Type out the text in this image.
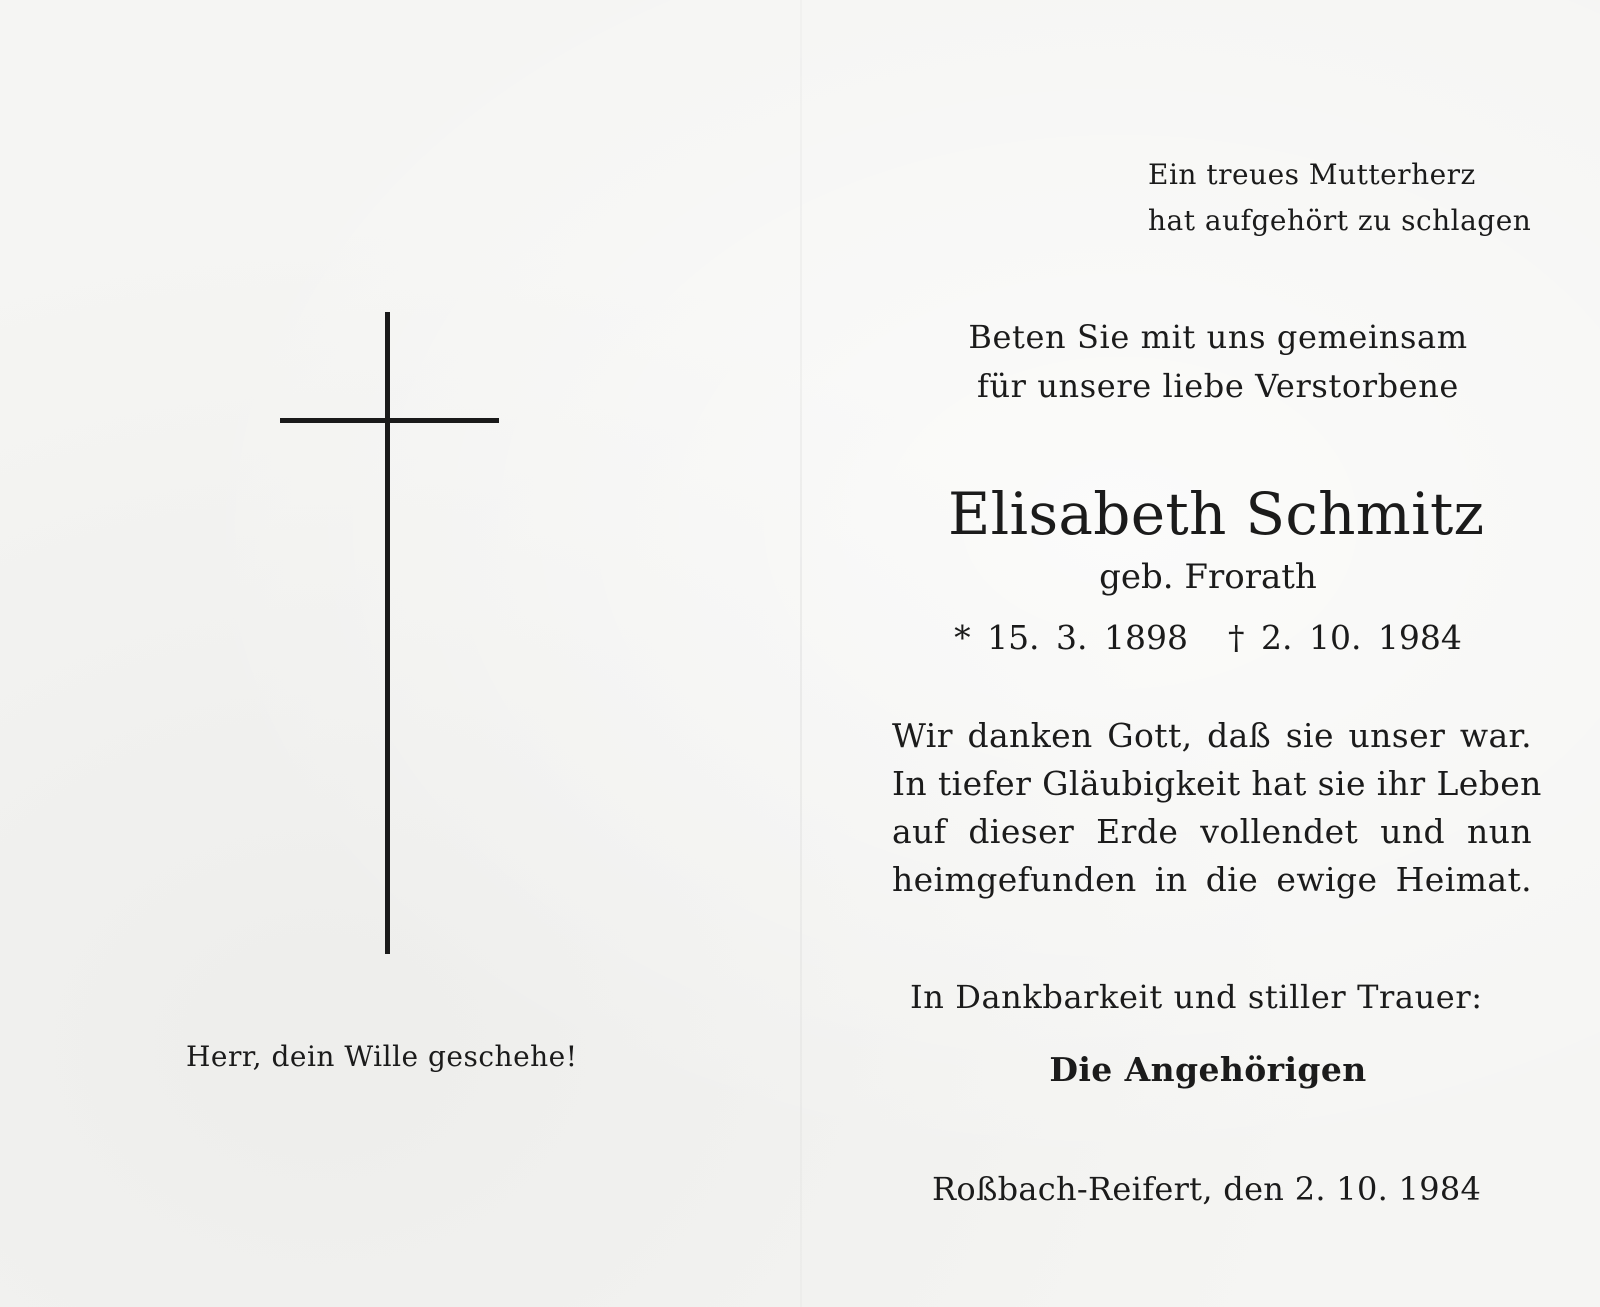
Herr, dein Wille geschehe!
Ein treues Mutterherz
hat aufgehört zu schlagen
Beten Sie mit uns gemeinsam
für unsere liebe Verstorbene
Elisabeth Schmitz
geb. Frorath
* 15. 3. 1898 † 2. 10. 1984
Wir danken Gott, daß sie unser war.
In tiefer Gläubigkeit hat sie ihr Leben
auf dieser Erde vollendet und nun
heimgefunden in die ewige Heimat.
In Dankbarkeit und stiller Trauer:
Die Angehörigen
Roßbach-Reifert, den 2. 10. 1984
